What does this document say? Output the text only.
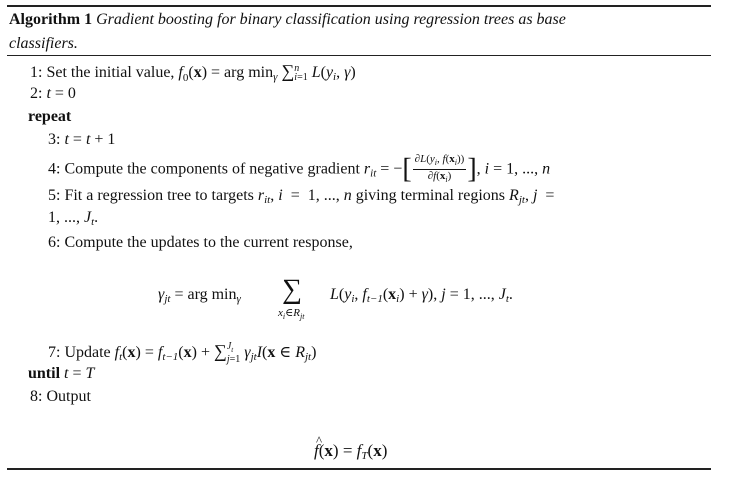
Algorithm 1 Gradient boosting for binary classification using regression trees as base
classifiers.
1: Set the initial value, $f_0(x)$ = arg $\min_\gamma \sum n$
i=1 $L(y_i$, γ)
2: t = 0
repeat
3: t = t + 1
4: Compute the components of negative gradient $r_{it}$ = −[ $\frac{\partial L(y_i, f(x_i))}{\partial f(x_i)}$ ], i = 1, ..., n
5: Fit a regression tree to targets $r_{it}$, i  =  1, ..., n giving terminal regions $R_{jt}$, j  =
1, ..., $J_t$.
6: Compute the updates to the current response,
$\gamma_{jt}$ = arg $\min_\gamma$ ∑
$x_i\in R_{jt}$
$L(y_i$, $f_{t-1}(x_i) + \gamma$), j = 1, ..., $J_t$.
7: Update $f_t(x) = f_{t-1}(x) + \sum J_t$
j=1 $\gamma_{jt}I(x$ ∈ $R_{jt}$)
until t = T
8: Output
^ $f(x) = f_T(x)$
